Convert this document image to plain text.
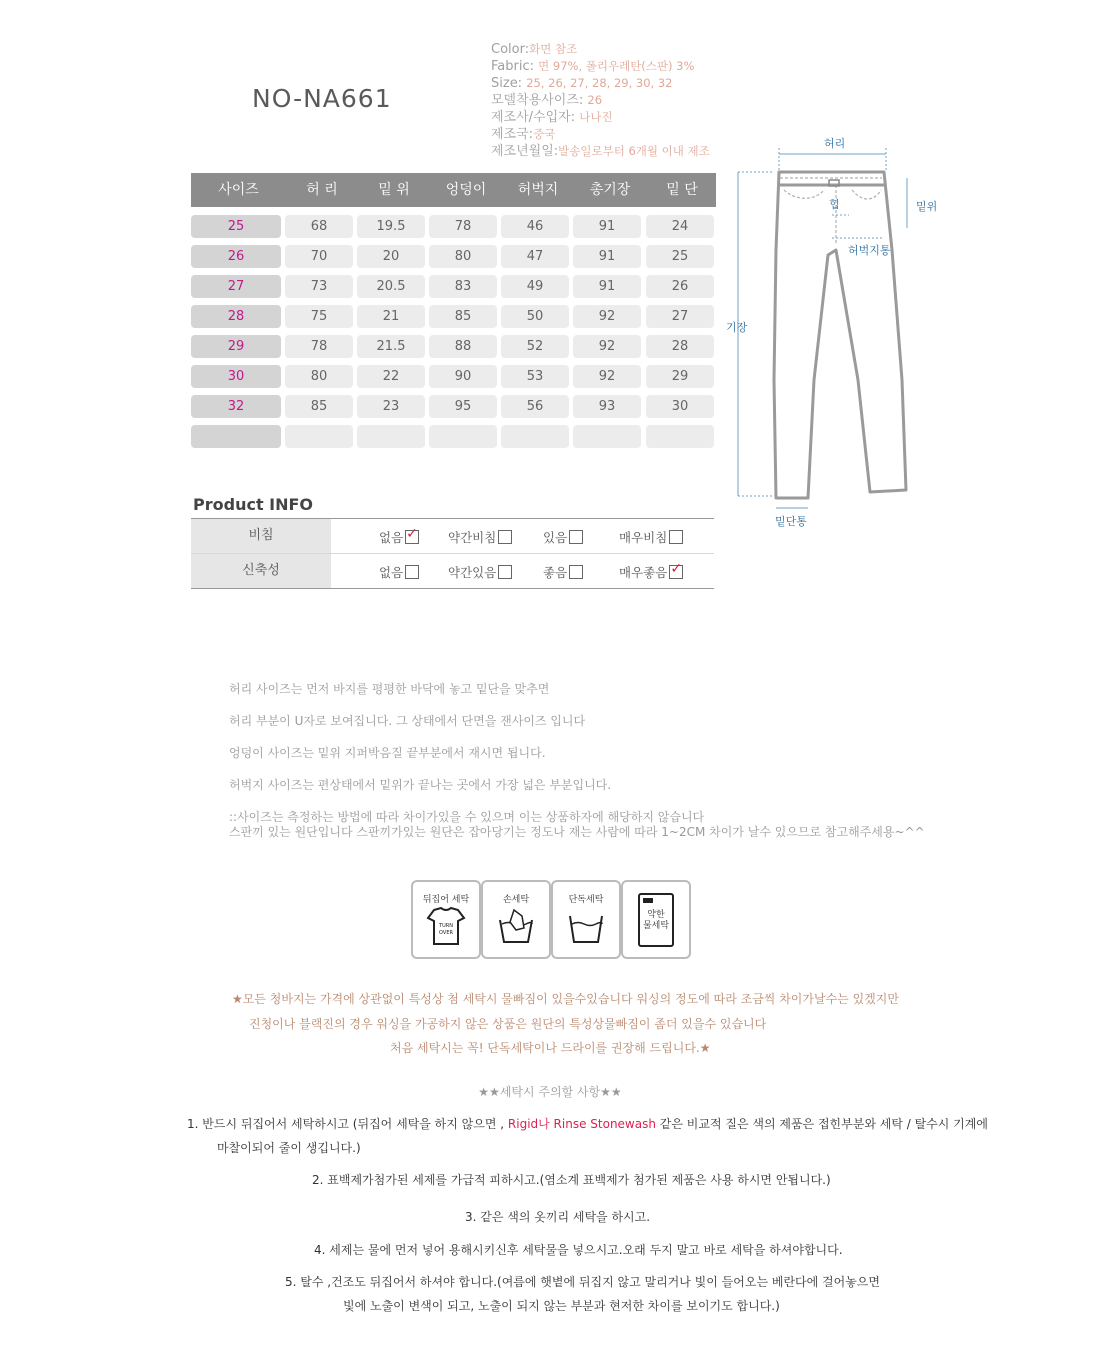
NO-NA661
Color:화면 참조
Fabric: 면 97%, 폴리우레탄(스판) 3%
Size: 25, 26, 27, 28, 29, 30, 32
모델착용사이즈: 26
제조사/수입자: 나나진
제조국:중국
제조년월일:발송일로부터 6개월 이내 제조
사이즈	허 리	밑 위	엉덩이	허벅지	총기장	밑 단
25	68	19.5	78	46	91	24
26	70	20	80	47	91	25
27	73	20.5	83	49	91	26
28	75	21	85	50	92	27
29	78	21.5	88	52	92	28
30	80	22	90	53	92	29
32	85	23	95	56	93	30
허리
힙	밑위
허벅지통
기장
밑단통
Product INFO
비침	없음✓	약간비침	있음	매우비침
신축성	없음	약간있음	좋음	매우좋음✓
허리 사이즈는 먼저 바지를 평평한 바닥에 놓고 밑단을 맞추면
허리 부분이 U자로 보여집니다. 그 상태에서 단면을 잰사이즈 입니다
엉덩이 사이즈는 밑위 지퍼박음질 끝부분에서 재시면 됩니다.
허벅지 사이즈는 편상태에서 밑위가 끝나는 곳에서 가장 넓은 부분입니다.
::사이즈는 측정하는 방법에 따라 차이가있을 수 있으며 이는 상품하자에 해당하지 않습니다
스판끼 있는 원단입니다 스판끼가있는 원단은 잡아당기는 정도나 재는 사람에 따라 1~2CM 차이가 날수 있으므로 참고해주세용~^^
뒤집어 세탁
TURN
OVER
손세탁	단독세탁
약한
물세탁
★모든 청바지는 가격에 상관없이 특성상 첨 세탁시 물빠짐이 있을수있습니다 워싱의 정도에 따라 조금씩 차이가날수는 있겠지만
진청이나 블랙진의 경우 워싱을 가공하지 않은 상품은 원단의 특성상물빠짐이 좀더 있을수 있습니다
처음 세탁시는 꼭! 단독세탁이나 드라이를 권장해 드립니다.★
★★세탁시 주의할 사항★★
1. 반드시 뒤집어서 세탁하시고 (뒤집어 세탁을 하지 않으면 , Rigid나 Rinse Stonewash 같은 비교적 질은 색의 제품은 접힌부분와 세탁 / 탈수시 기계에
마찰이되어 줄이 생깁니다.)
2. 표백제가첨가된 세제를 가급적 피하시고.(염소계 표백제가 첨가된 제품은 사용 하시면 안됩니다.)
3. 같은 색의 옷끼리 세탁을 하시고.
4. 세제는 물에 먼저 넣어 용해시키신후 세탁물을 넣으시고.오래 두지 말고 바로 세탁을 하셔야합니다.
5. 탈수 ,건조도 뒤집어서 하셔야 합니다.(여름에 햇볕에 뒤집지 않고 말리거나 빛이 들어오는 베란다에 걸어놓으면
빛에 노출이 변색이 되고, 노출이 되지 않는 부분과 현저한 차이를 보이기도 합니다.)
